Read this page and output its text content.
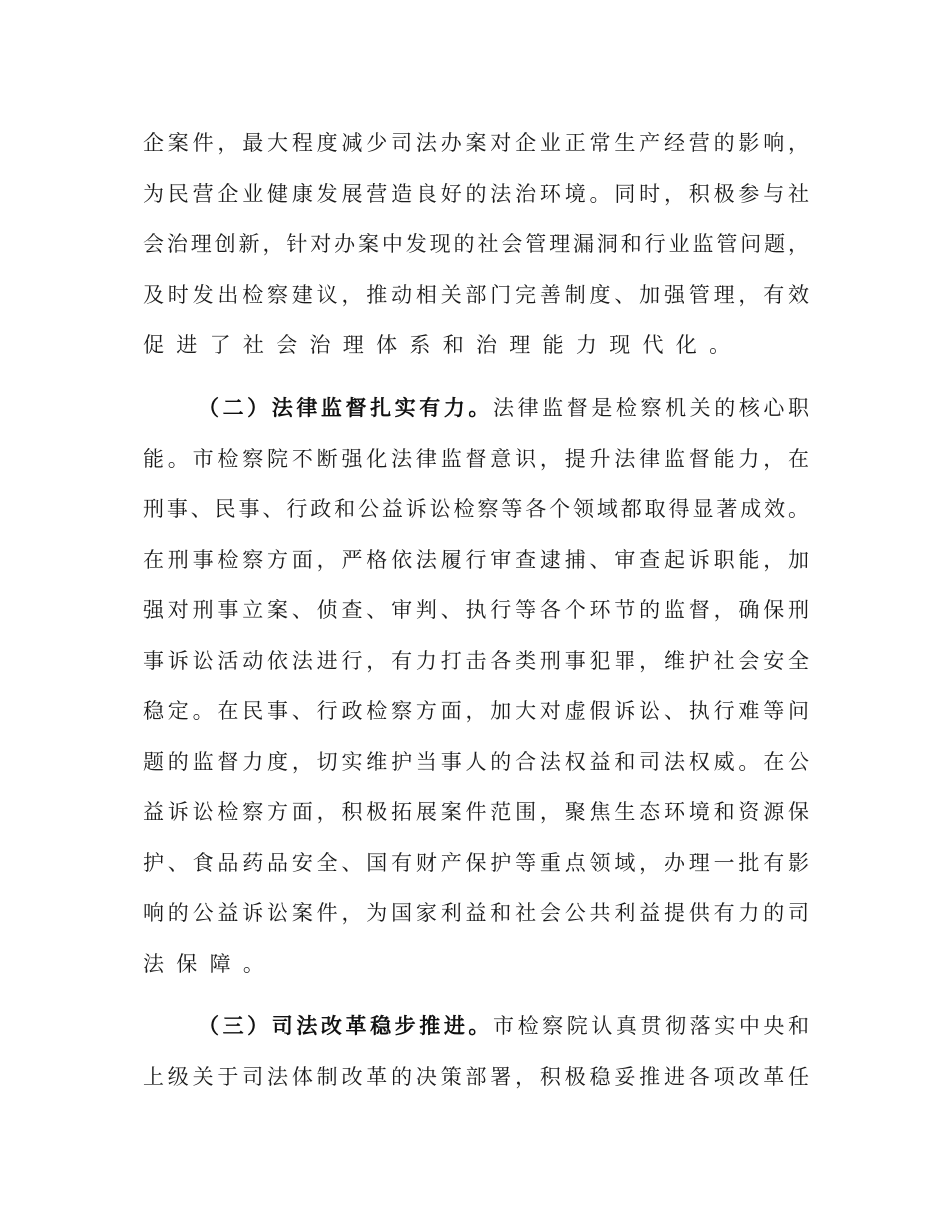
企案件，最大程度减少司法办案对企业正常生产经营的影响，
为民营企业健康发展营造良好的法治环境。同时，积极参与社
会治理创新，针对办案中发现的社会管理漏洞和行业监管问题，
及时发出检察建议，推动相关部门完善制度、加强管理，有效
促进了社会治理体系和治理能力现代化。
（二）法律监督扎实有力。法律监督是检察机关的核心职
能。市检察院不断强化法律监督意识，提升法律监督能力，在
刑事、民事、行政和公益诉讼检察等各个领域都取得显著成效。
在刑事检察方面，严格依法履行审查逮捕、审查起诉职能，加
强对刑事立案、侦查、审判、执行等各个环节的监督，确保刑
事诉讼活动依法进行，有力打击各类刑事犯罪，维护社会安全
稳定。在民事、行政检察方面，加大对虚假诉讼、执行难等问
题的监督力度，切实维护当事人的合法权益和司法权威。在公
益诉讼检察方面，积极拓展案件范围，聚焦生态环境和资源保
护、食品药品安全、国有财产保护等重点领域，办理一批有影
响的公益诉讼案件，为国家利益和社会公共利益提供有力的司
法保障。
（三）司法改革稳步推进。市检察院认真贯彻落实中央和
上级关于司法体制改革的决策部署，积极稳妥推进各项改革任
